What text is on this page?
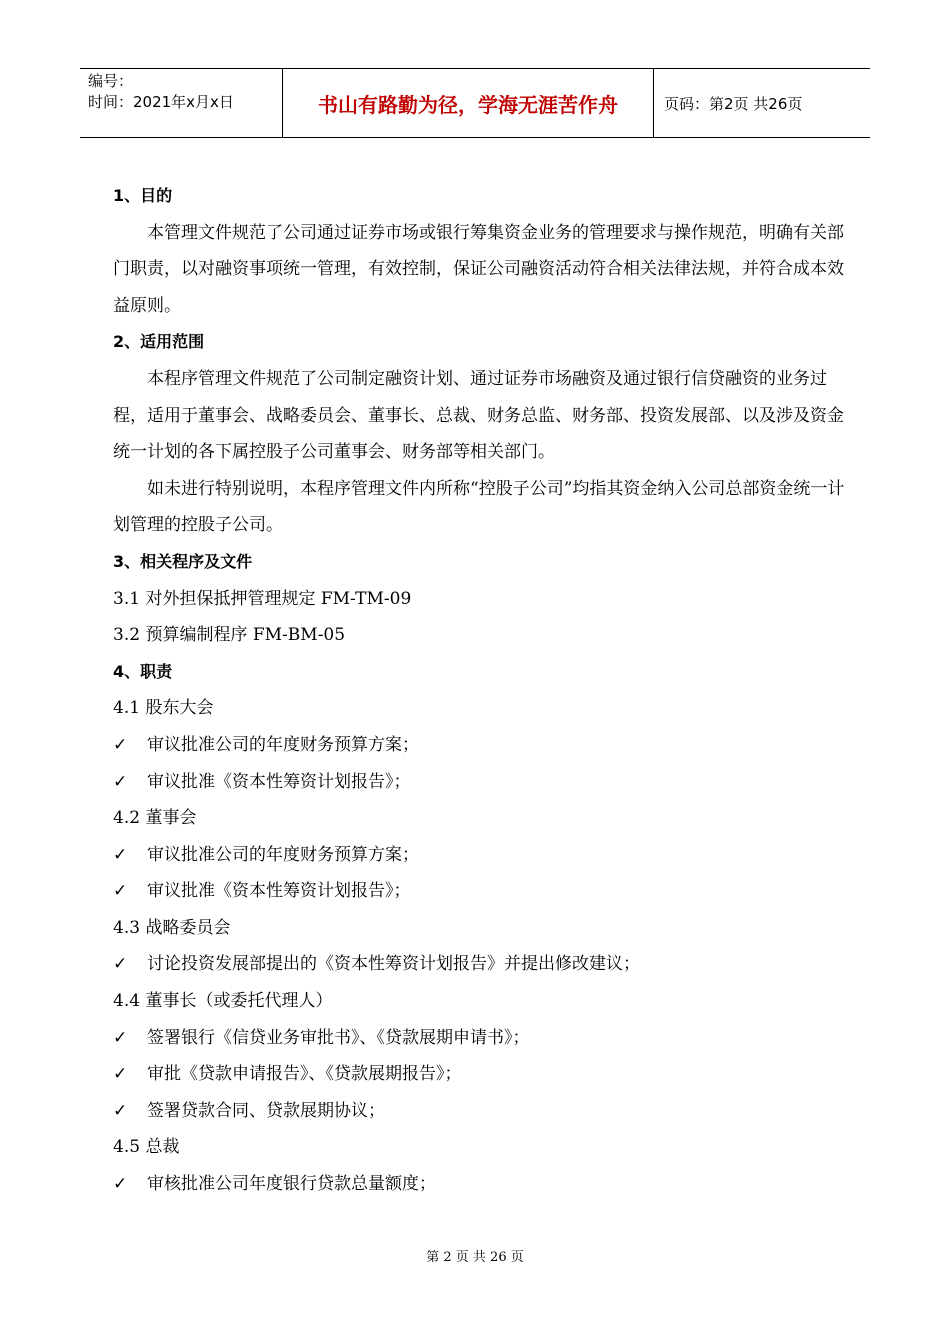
编号：
时间：2021年x月x日	书山有路勤为径，学海无涯苦作舟	页码：第2页 共26页
1、目的
本管理文件规范了公司通过证券市场或银行筹集资金业务的管理要求与操作规范，明确有关部门职责，以对融资事项统一管理，有效控制，保证公司融资活动符合相关法律法规，并符合成本效益原则。
2、适用范围
本程序管理文件规范了公司制定融资计划、通过证券市场融资及通过银行信贷融资的业务过程，适用于董事会、战略委员会、董事长、总裁、财务总监、财务部、投资发展部、以及涉及资金统一计划的各下属控股子公司董事会、财务部等相关部门。
如未进行特别说明，本程序管理文件内所称“控股子公司”均指其资金纳入公司总部资金统一计划管理的控股子公司。
3、相关程序及文件
3.1 对外担保抵押管理规定 FM-TM-09
3.2 预算编制程序 FM-BM-05
4、职责
4.1 股东大会
✓ 审议批准公司的年度财务预算方案；
✓ 审议批准《资本性筹资计划报告》；
4.2 董事会
✓ 审议批准公司的年度财务预算方案；
✓ 审议批准《资本性筹资计划报告》；
4.3 战略委员会
✓ 讨论投资发展部提出的《资本性筹资计划报告》并提出修改建议；
4.4 董事长（或委托代理人）
✓ 签署银行《信贷业务审批书》、《贷款展期申请书》；
✓ 审批《贷款申请报告》、《贷款展期报告》；
✓ 签署贷款合同、贷款展期协议；
4.5 总裁
✓ 审核批准公司年度银行贷款总量额度；
第 2 页 共 26 页
